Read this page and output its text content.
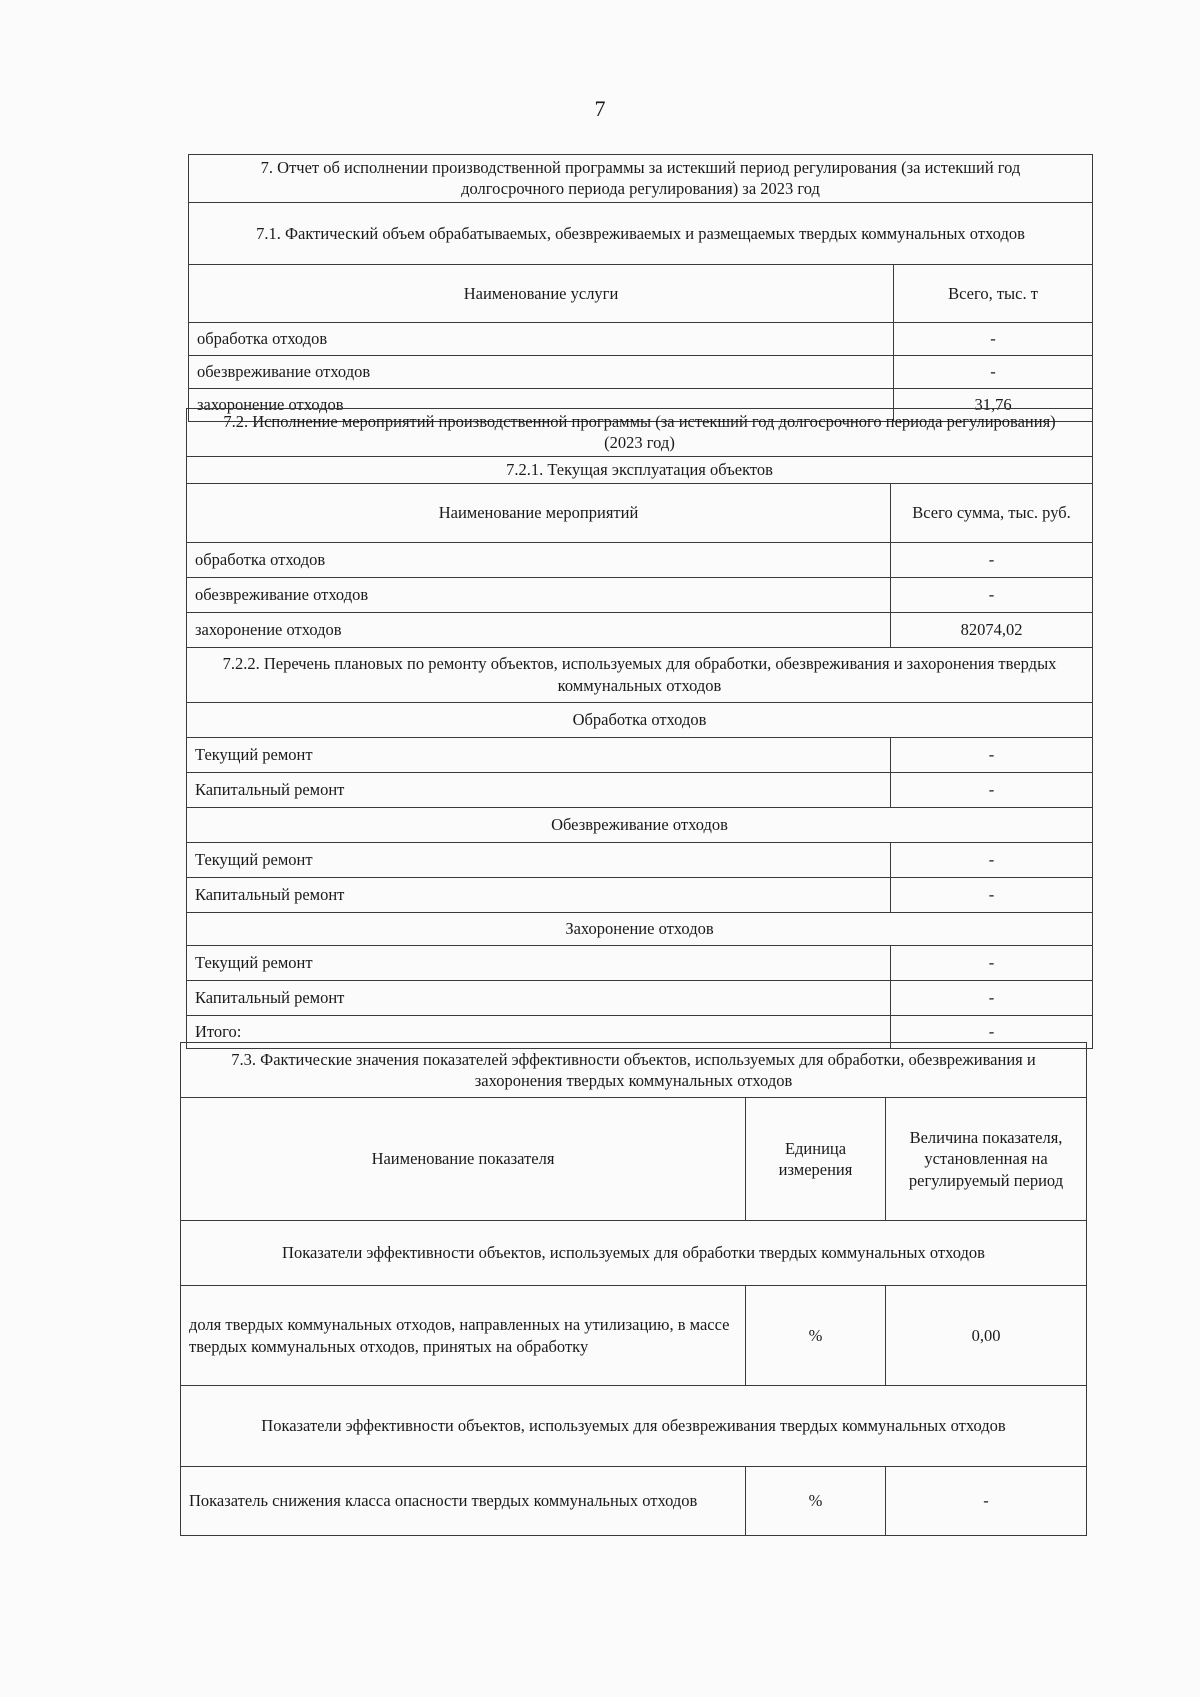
7
7. Отчет об исполнении производственной программы за истекший период регулирования (за истекший год долгосрочного периода регулирования) за 2023 год	
7.1. Фактический объем обрабатываемых, обезвреживаемых и размещаемых твердых коммунальных отходов	
Наименование услуги	Всего, тыс. т
обработка отходов	-
обезвреживание отходов	-
захоронение отходов	31,76
7.2. Исполнение мероприятий производственной программы (за истекший год долгосрочного периода регулирования) (2023 год)	
7.2.1. Текущая эксплуатация объектов	
Наименование мероприятий	Всего сумма, тыс. руб.
обработка отходов	-
обезвреживание отходов	-
захоронение отходов	82074,02
7.2.2. Перечень плановых по ремонту объектов, используемых для обработки, обезвреживания и захоронения твердых коммунальных отходов	
Обработка отходов	
Текущий ремонт	-
Капитальный ремонт	-
Обезвреживание отходов	
Текущий ремонт	-
Капитальный ремонт	-
Захоронение отходов	
Текущий ремонт	-
Капитальный ремонт	-
Итого:	-
7.3. Фактические значения показателей эффективности объектов, используемых для обработки, обезвреживания и захоронения твердых коммунальных отходов		
Наименование показателя	Единица измерения	Величина показателя, установленная на регулируемый период
Показатели эффективности объектов, используемых для обработки твердых коммунальных отходов		
доля твердых коммунальных отходов, направленных на утилизацию, в массе твердых коммунальных отходов, принятых на обработку	%	0,00
Показатели эффективности объектов, используемых для обезвреживания твердых коммунальных отходов		
Показатель снижения класса опасности твердых коммунальных отходов	%	-
